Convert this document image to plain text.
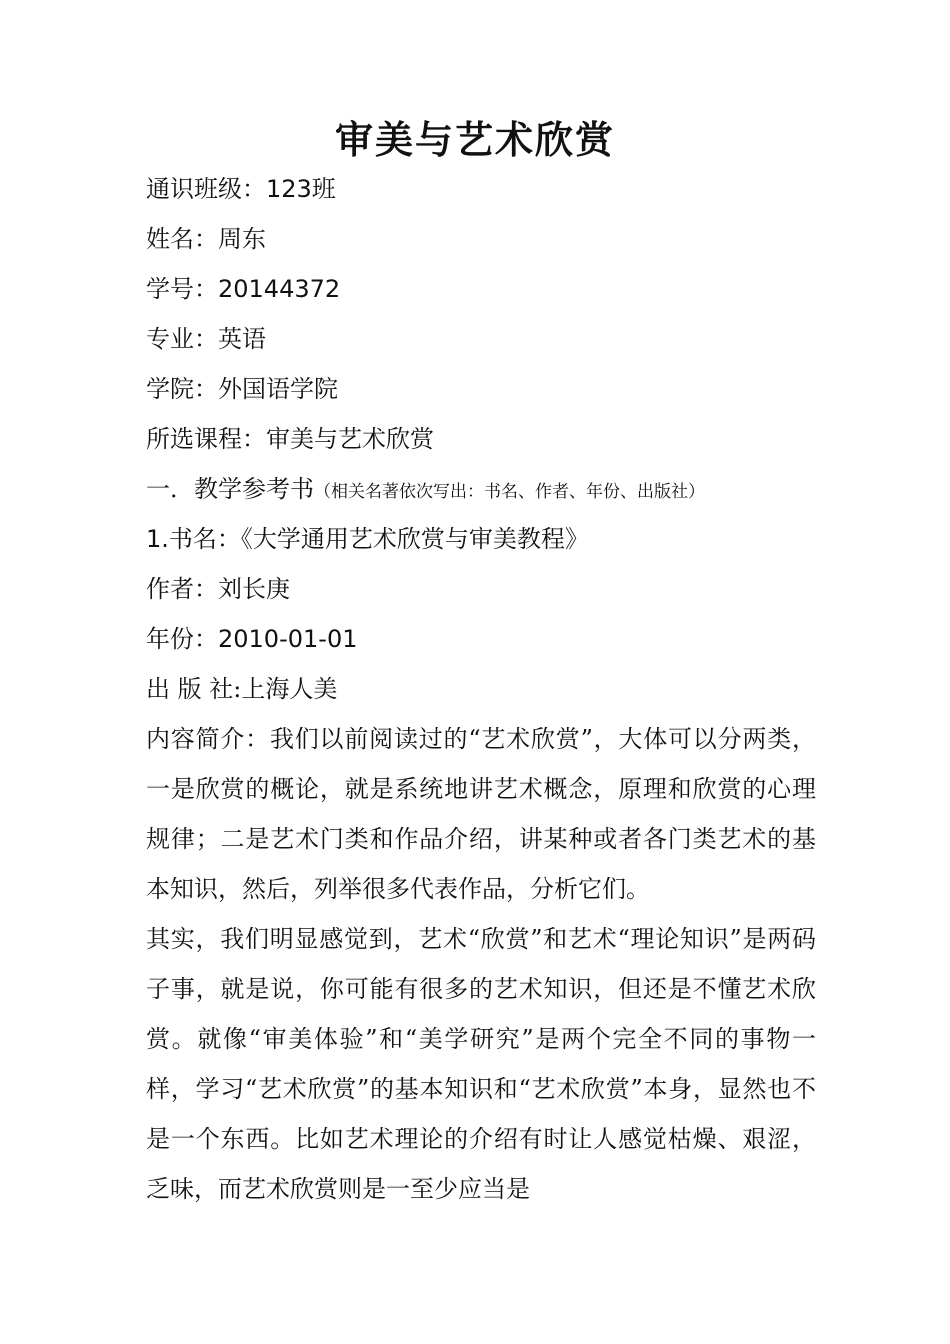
审美与艺术欣赏
通识班级：123班
姓名：周东
学号：20144372
专业：英语
学院：外国语学院
所选课程：审美与艺术欣赏
一．教学参考书（相关名著依次写出：书名、作者、年份、出版社）
1.书名：《大学通用艺术欣赏与审美教程》
作者：刘长庚
年份：2010-01-01
出 版 社:上海人美

内容简介：我们以前阅读过的“艺术欣赏”，大体可以分两类，一是欣赏的概论，就是系统地讲艺术概念，原理和欣赏的心理规律；二是艺术门类和作品介绍，讲某种或者各门类艺术的基本知识，然后，列举很多代表作品，分析它们。

其实，我们明显感觉到，艺术“欣赏”和艺术“理论知识”是两码子事，就是说，你可能有很多的艺术知识，但还是不懂艺术欣赏。就像“审美体验”和“美学研究”是两个完全不同的事物一样，学习“艺术欣赏”的基本知识和“艺术欣赏”本身，显然也不是一个东西。比如艺术理论的介绍有时让人感觉枯燥、艰涩，乏味，而艺术欣赏则是一至少应当是
